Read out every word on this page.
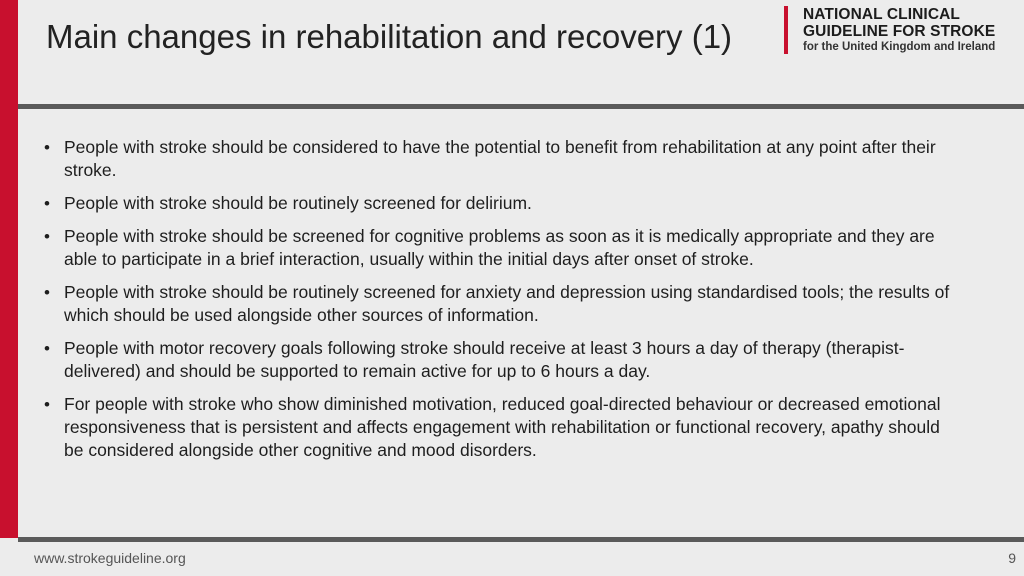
Main changes in rehabilitation and recovery (1)
NATIONAL CLINICAL
GUIDELINE FOR STROKE
for the United Kingdom and Ireland
• People with stroke should be considered to have the potential to benefit from rehabilitation at any point after their stroke.
• People with stroke should be routinely screened for delirium.
• People with stroke should be screened for cognitive problems as soon as it is medically appropriate and they are able to participate in a brief interaction, usually within the initial days after onset of stroke.
• People with stroke should be routinely screened for anxiety and depression using standardised tools; the results of which should be used alongside other sources of information.
• People with motor recovery goals following stroke should receive at least 3 hours a day of therapy (therapist-delivered) and should be supported to remain active for up to 6 hours a day.
• For people with stroke who show diminished motivation, reduced goal-directed behaviour or decreased emotional responsiveness that is persistent and affects engagement with rehabilitation or functional recovery, apathy should be considered alongside other cognitive and mood disorders.
www.strokeguideline.org	9
